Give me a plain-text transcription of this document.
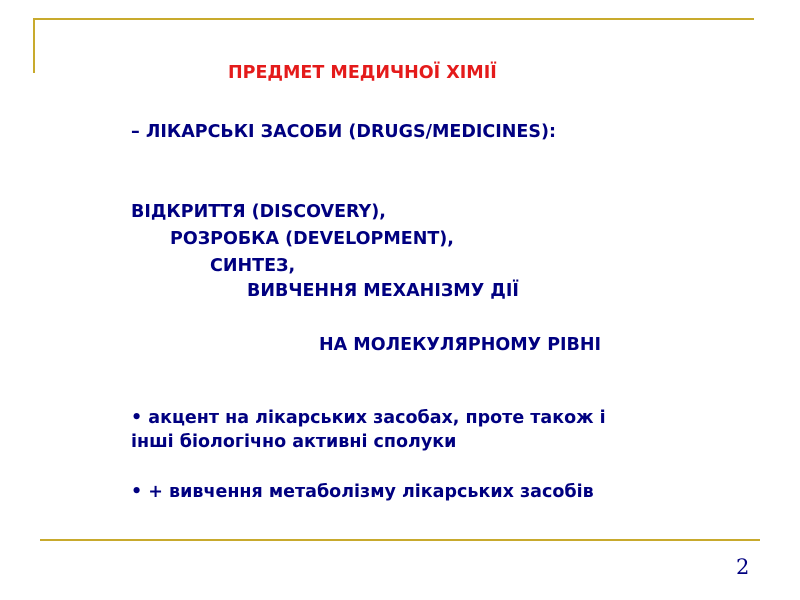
ПРЕДМЕТ МЕДИЧНОЇ ХІМІЇ
– ЛІКАРСЬКІ ЗАСОБИ (DRUGS/MEDICINES):
ВІДКРИТТЯ (DISCOVERY),
РОЗРОБКА (DEVELOPMENT),
СИНТЕЗ,
ВИВЧЕННЯ МЕХАНІЗМУ ДІЇ
НА МОЛЕКУЛЯРНОМУ РІВНІ
• акцент на лікарських засобах, проте також і
інші біологічно активні сполуки
• + вивчення метаболізму лікарських засобів
2
